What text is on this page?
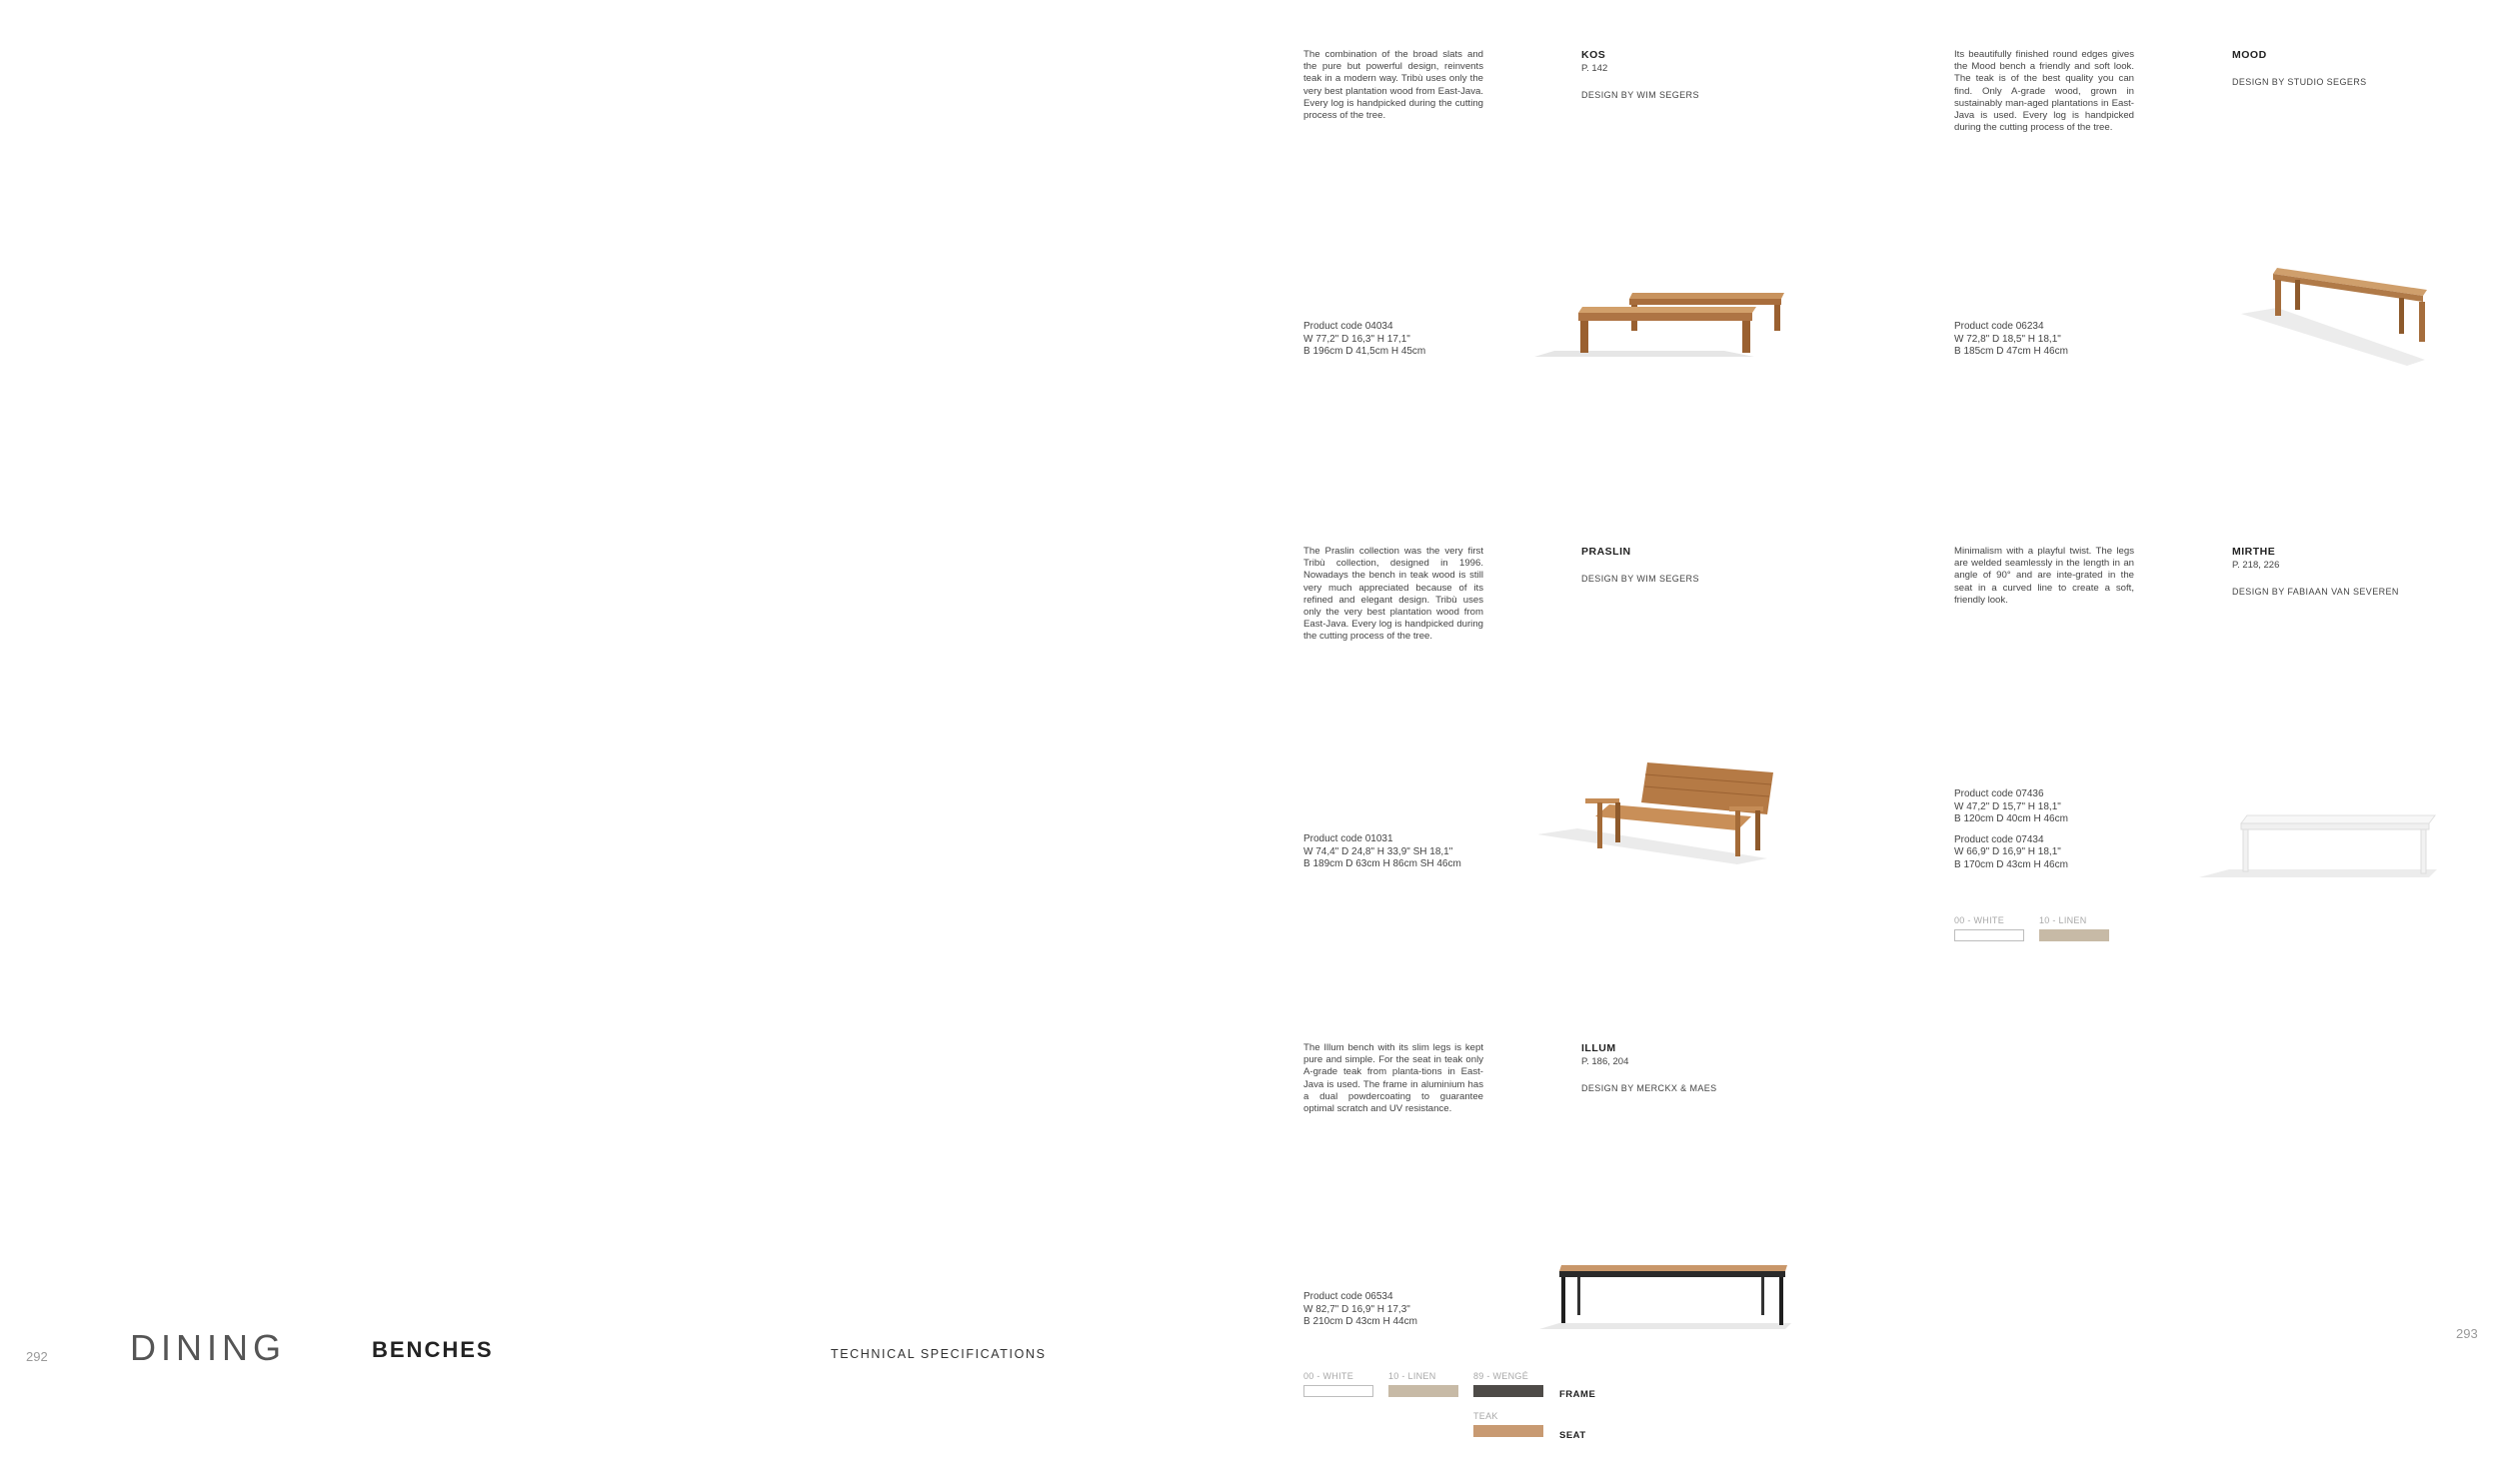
292 DINING	BENCHES	TECHNICAL SPECIFICATIONS
293
The combination of the broad slats and the pure but powerful design, reinvents teak in a modern way. Tribù uses only the very best plantation wood from East-Java. Every log is handpicked during the cutting process of the tree.
KOS
P. 142
DESIGN BY WIM SEGERS
Product code 04034
W 77,2" D 16,3" H 17,1"
B 196cm D 41,5cm H 45cm
Its beautifully finished round edges gives the Mood bench a friendly and soft look. The teak is of the best quality you can find. Only A-grade wood, grown in sustainably man-aged plantations in East-Java is used. Every log is handpicked during the cutting process of the tree.
MOOD
DESIGN BY STUDIO SEGERS
Product code 06234
W 72,8" D 18,5" H 18,1"
B 185cm D 47cm H 46cm
The Praslin collection was the very first Tribù collection, designed in 1996. Nowadays the bench in teak wood is still very much appreciated because of its refined and elegant design. Tribù uses only the very best plantation wood from East-Java. Every log is handpicked during the cutting process of the tree.
PRASLIN
DESIGN BY WIM SEGERS
Product code 01031
W 74,4" D 24,8" H 33,9" SH 18,1"
B 189cm D 63cm H 86cm SH 46cm
Minimalism with a playful twist. The legs are welded seamlessly in the length in an angle of 90° and are inte-grated in the seat in a curved line to create a soft, friendly look.
MIRTHE
P. 218, 226
DESIGN BY FABIAAN VAN SEVEREN
Product code 07436
W 47,2" D 15,7" H 18,1"
B 120cm D 40cm H 46cm
Product code 07434
W 66,9" D 16,9" H 18,1"
B 170cm D 43cm H 46cm
00 - WHITE	10 - LINEN
The Illum bench with its slim legs is kept pure and simple. For the seat in teak only A-grade teak from planta-tions in East-Java is used. The frame in aluminium has a dual powdercoating to guarantee optimal scratch and UV resistance.
ILLUM
P. 186, 204
DESIGN BY MERCKX & MAES
Product code 06534
W 82,7" D 16,9" H 17,3"
B 210cm D 43cm H 44cm
00 - WHITE	10 - LINEN	89 - WENGÉ
FRAME
TEAK
SEAT
